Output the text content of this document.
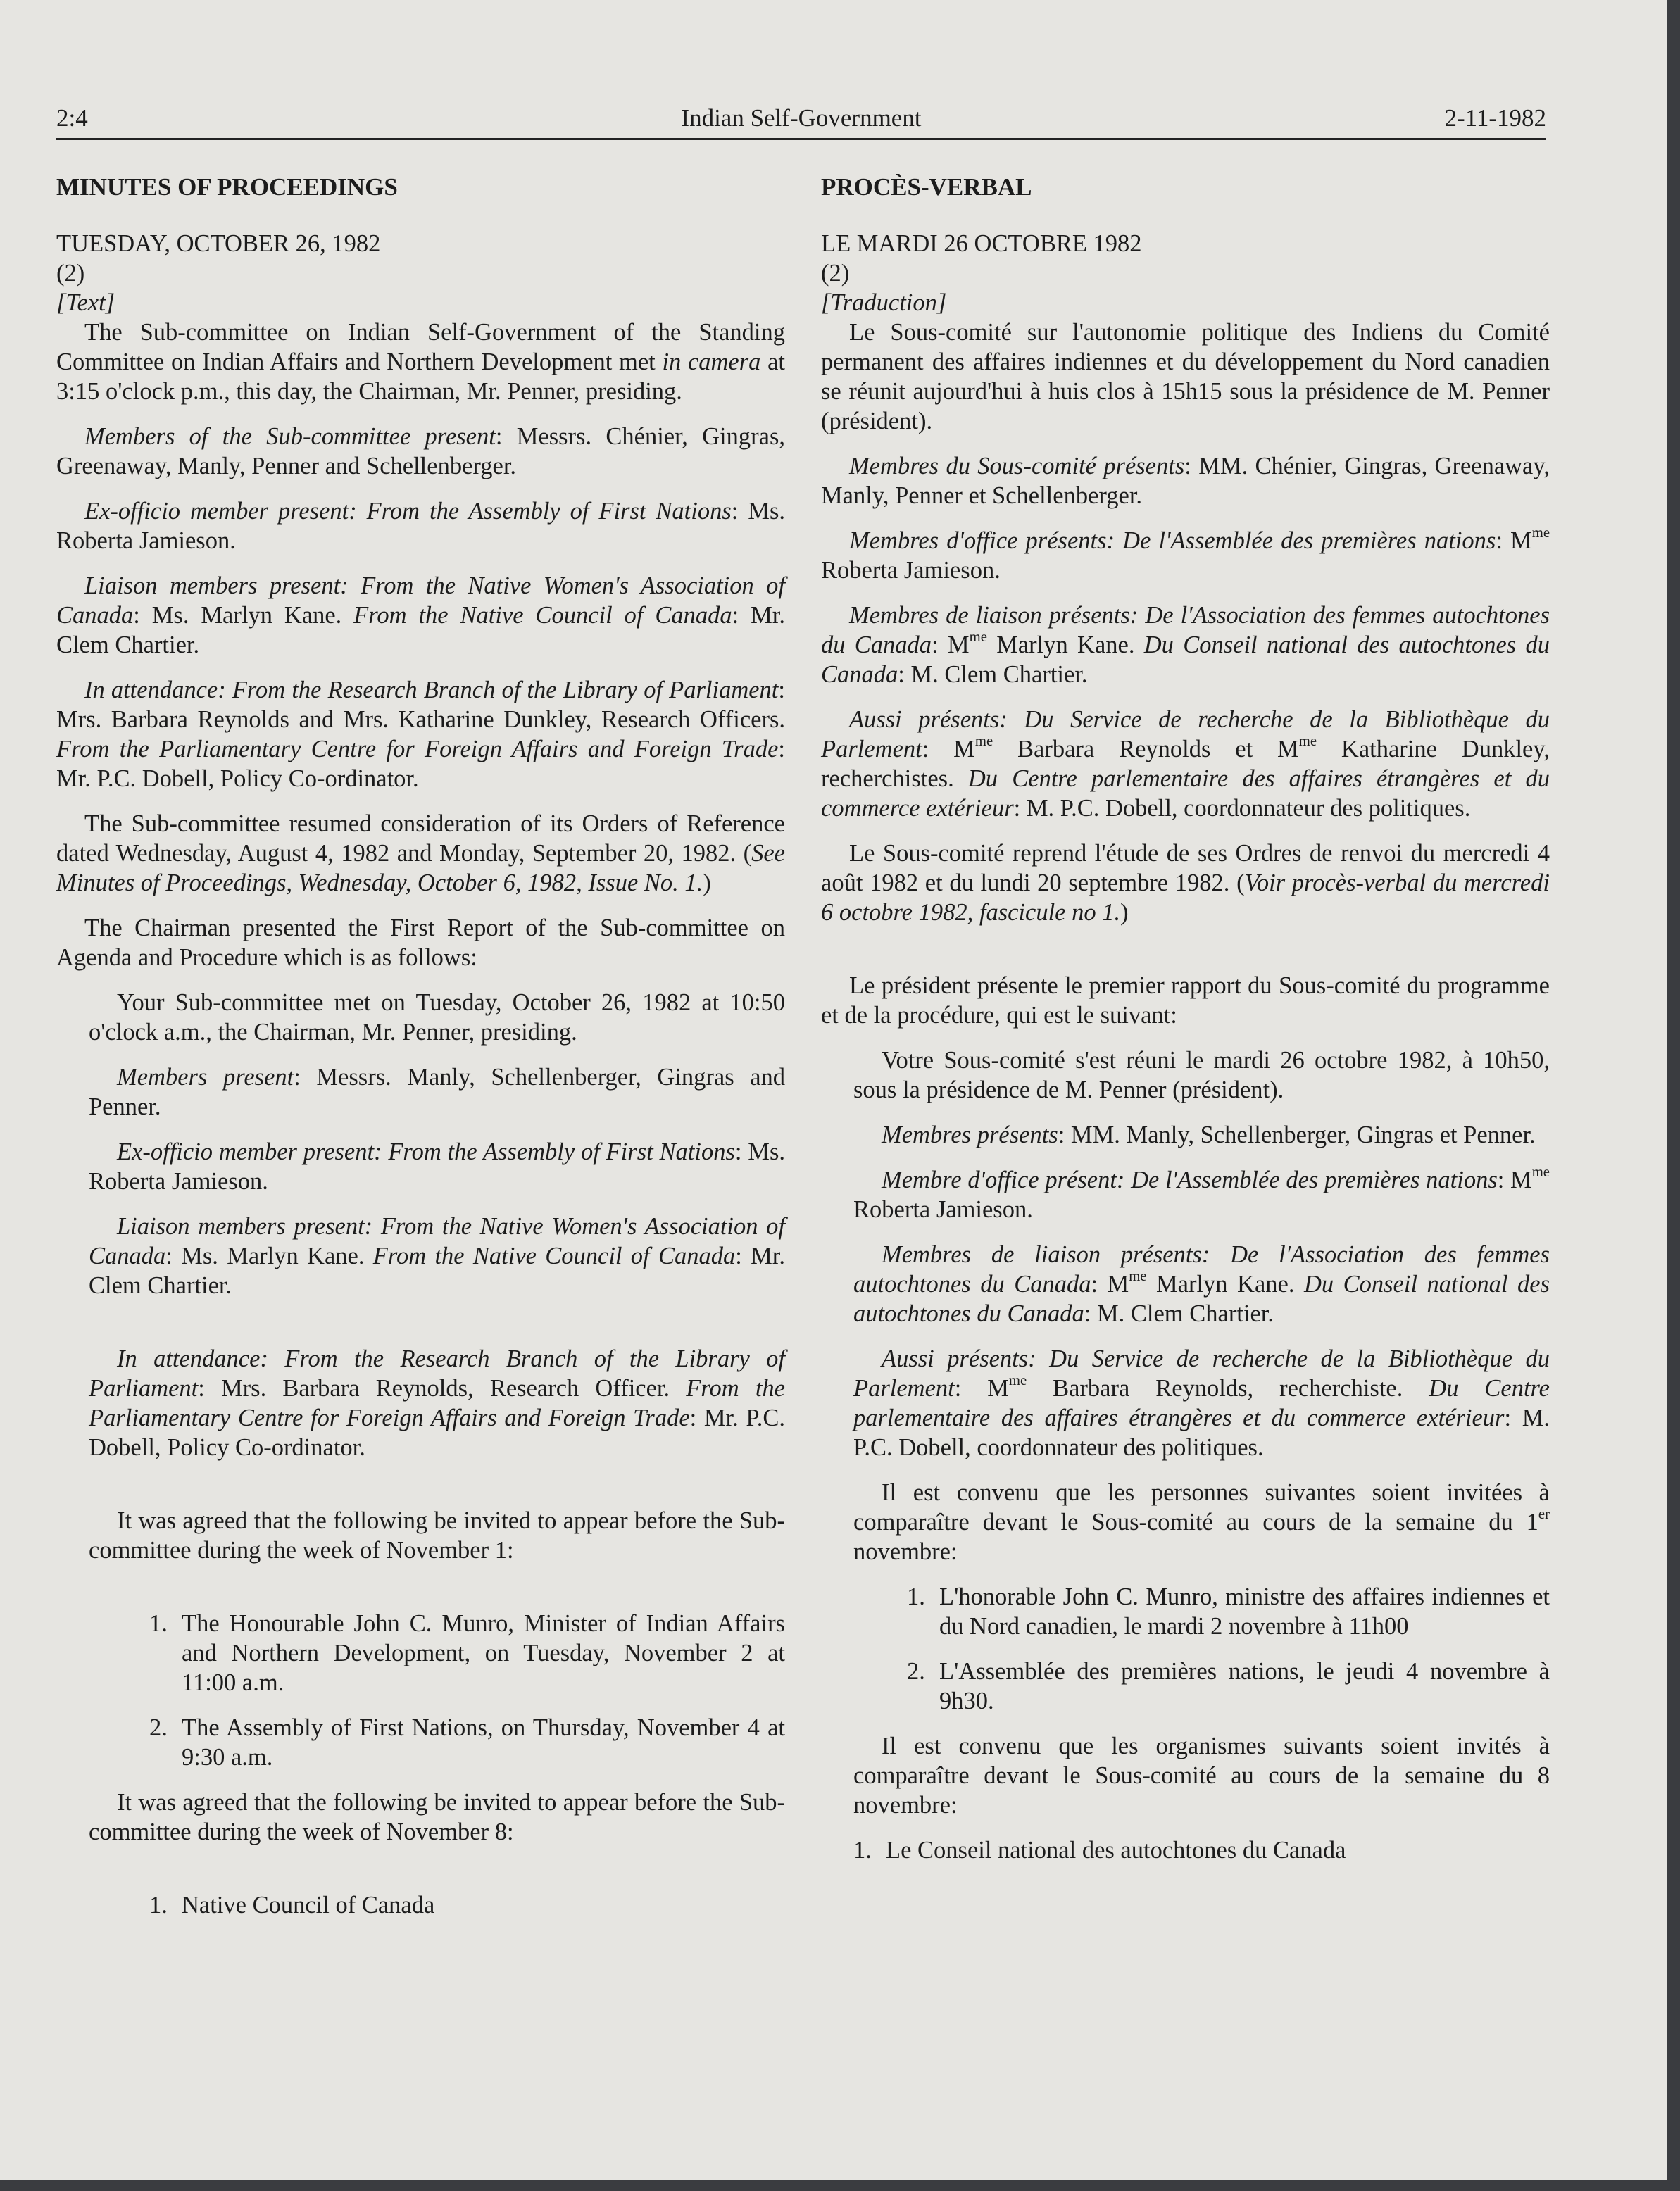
2:4	Indian Self-Government	2-11-1982
MINUTES OF PROCEEDINGS
TUESDAY, OCTOBER 26, 1982
(2)
[Text]

The Sub-committee on Indian Self-Government of the Standing Committee on Indian Affairs and Northern Development met in camera at 3:15 o'clock p.m., this day, the Chairman, Mr. Penner, presiding.

Members of the Sub-committee present: Messrs. Chénier, Gingras, Greenaway, Manly, Penner and Schellenberger.

Ex-officio member present: From the Assembly of First Nations: Ms. Roberta Jamieson.

Liaison members present: From the Native Women's Association of Canada: Ms. Marlyn Kane. From the Native Council of Canada: Mr. Clem Chartier.

In attendance: From the Research Branch of the Library of Parliament: Mrs. Barbara Reynolds and Mrs. Katharine Dunkley, Research Officers. From the Parliamentary Centre for Foreign Affairs and Foreign Trade: Mr. P.C. Dobell, Policy Co-ordinator.

The Sub-committee resumed consideration of its Orders of Reference dated Wednesday, August 4, 1982 and Monday, September 20, 1982. (See Minutes of Proceedings, Wednesday, October 6, 1982, Issue No. 1.)

The Chairman presented the First Report of the Sub-committee on Agenda and Procedure which is as follows:

Your Sub-committee met on Tuesday, October 26, 1982 at 10:50 o'clock a.m., the Chairman, Mr. Penner, presiding.

Members present: Messrs. Manly, Schellenberger, Gingras and Penner.

Ex-officio member present: From the Assembly of First Nations: Ms. Roberta Jamieson.

Liaison members present: From the Native Women's Association of Canada: Ms. Marlyn Kane. From the Native Council of Canada: Mr. Clem Chartier.

In attendance: From the Research Branch of the Library of Parliament: Mrs. Barbara Reynolds, Research Officer. From the Parliamentary Centre for Foreign Affairs and Foreign Trade: Mr. P.C. Dobell, Policy Co-ordinator.

It was agreed that the following be invited to appear before the Sub-committee during the week of November 1:

1. The Honourable John C. Munro, Minister of Indian Affairs and Northern Development, on Tuesday, November 2 at 11:00 a.m.
2. The Assembly of First Nations, on Thursday, November 4 at 9:30 a.m.

It was agreed that the following be invited to appear before the Sub-committee during the week of November 8:

1. Native Council of Canada
PROCÈS-VERBAL
LE MARDI 26 OCTOBRE 1982
(2)
[Traduction]

Le Sous-comité sur l'autonomie politique des Indiens du Comité permanent des affaires indiennes et du développement du Nord canadien se réunit aujourd'hui à huis clos à 15h15 sous la présidence de M. Penner (président).

Membres du Sous-comité présents: MM. Chénier, Gingras, Greenaway, Manly, Penner et Schellenberger.

Membres d'office présents: De l'Assemblée des premières nations: $M^{me}$ Roberta Jamieson.

Membres de liaison présents: De l'Association des femmes autochtones du Canada: $M^{me}$ Marlyn Kane. Du Conseil national des autochtones du Canada: M. Clem Chartier.

Aussi présents: Du Service de recherche de la Bibliothèque du Parlement: $M^{me}$ Barbara Reynolds et $M^{me}$ Katharine Dunkley, recherchistes. Du Centre parlementaire des affaires étrangères et du commerce extérieur: M. P.C. Dobell, coordonnateur des politiques.

Le Sous-comité reprend l'étude de ses Ordres de renvoi du mercredi 4 août 1982 et du lundi 20 septembre 1982. (Voir procès-verbal du mercredi 6 octobre 1982, fascicule no 1.)

Le président présente le premier rapport du Sous-comité du programme et de la procédure, qui est le suivant:

Votre Sous-comité s'est réuni le mardi 26 octobre 1982, à 10h50, sous la présidence de M. Penner (président).

Membres présents: MM. Manly, Schellenberger, Gingras et Penner.

Membre d'office présent: De l'Assemblée des premières nations: $M^{me}$ Roberta Jamieson.

Membres de liaison présents: De l'Association des femmes autochtones du Canada: $M^{me}$ Marlyn Kane. Du Conseil national des autochtones du Canada: M. Clem Chartier.

Aussi présents: Du Service de recherche de la Bibliothèque du Parlement: $M^{me}$ Barbara Reynolds, recherchiste. Du Centre parlementaire des affaires étrangères et du commerce extérieur: M. P.C. Dobell, coordonnateur des politiques.

Il est convenu que les personnes suivantes soient invitées à comparaître devant le Sous-comité au cours de la semaine du 1er novembre:

1. L'honorable John C. Munro, ministre des affaires indiennes et du Nord canadien, le mardi 2 novembre à 11h00
2. L'Assemblée des premières nations, le jeudi 4 novembre à 9h30.

Il est convenu que les organismes suivants soient invités à comparaître devant le Sous-comité au cours de la semaine du 8 novembre:

1. Le Conseil national des autochtones du Canada
